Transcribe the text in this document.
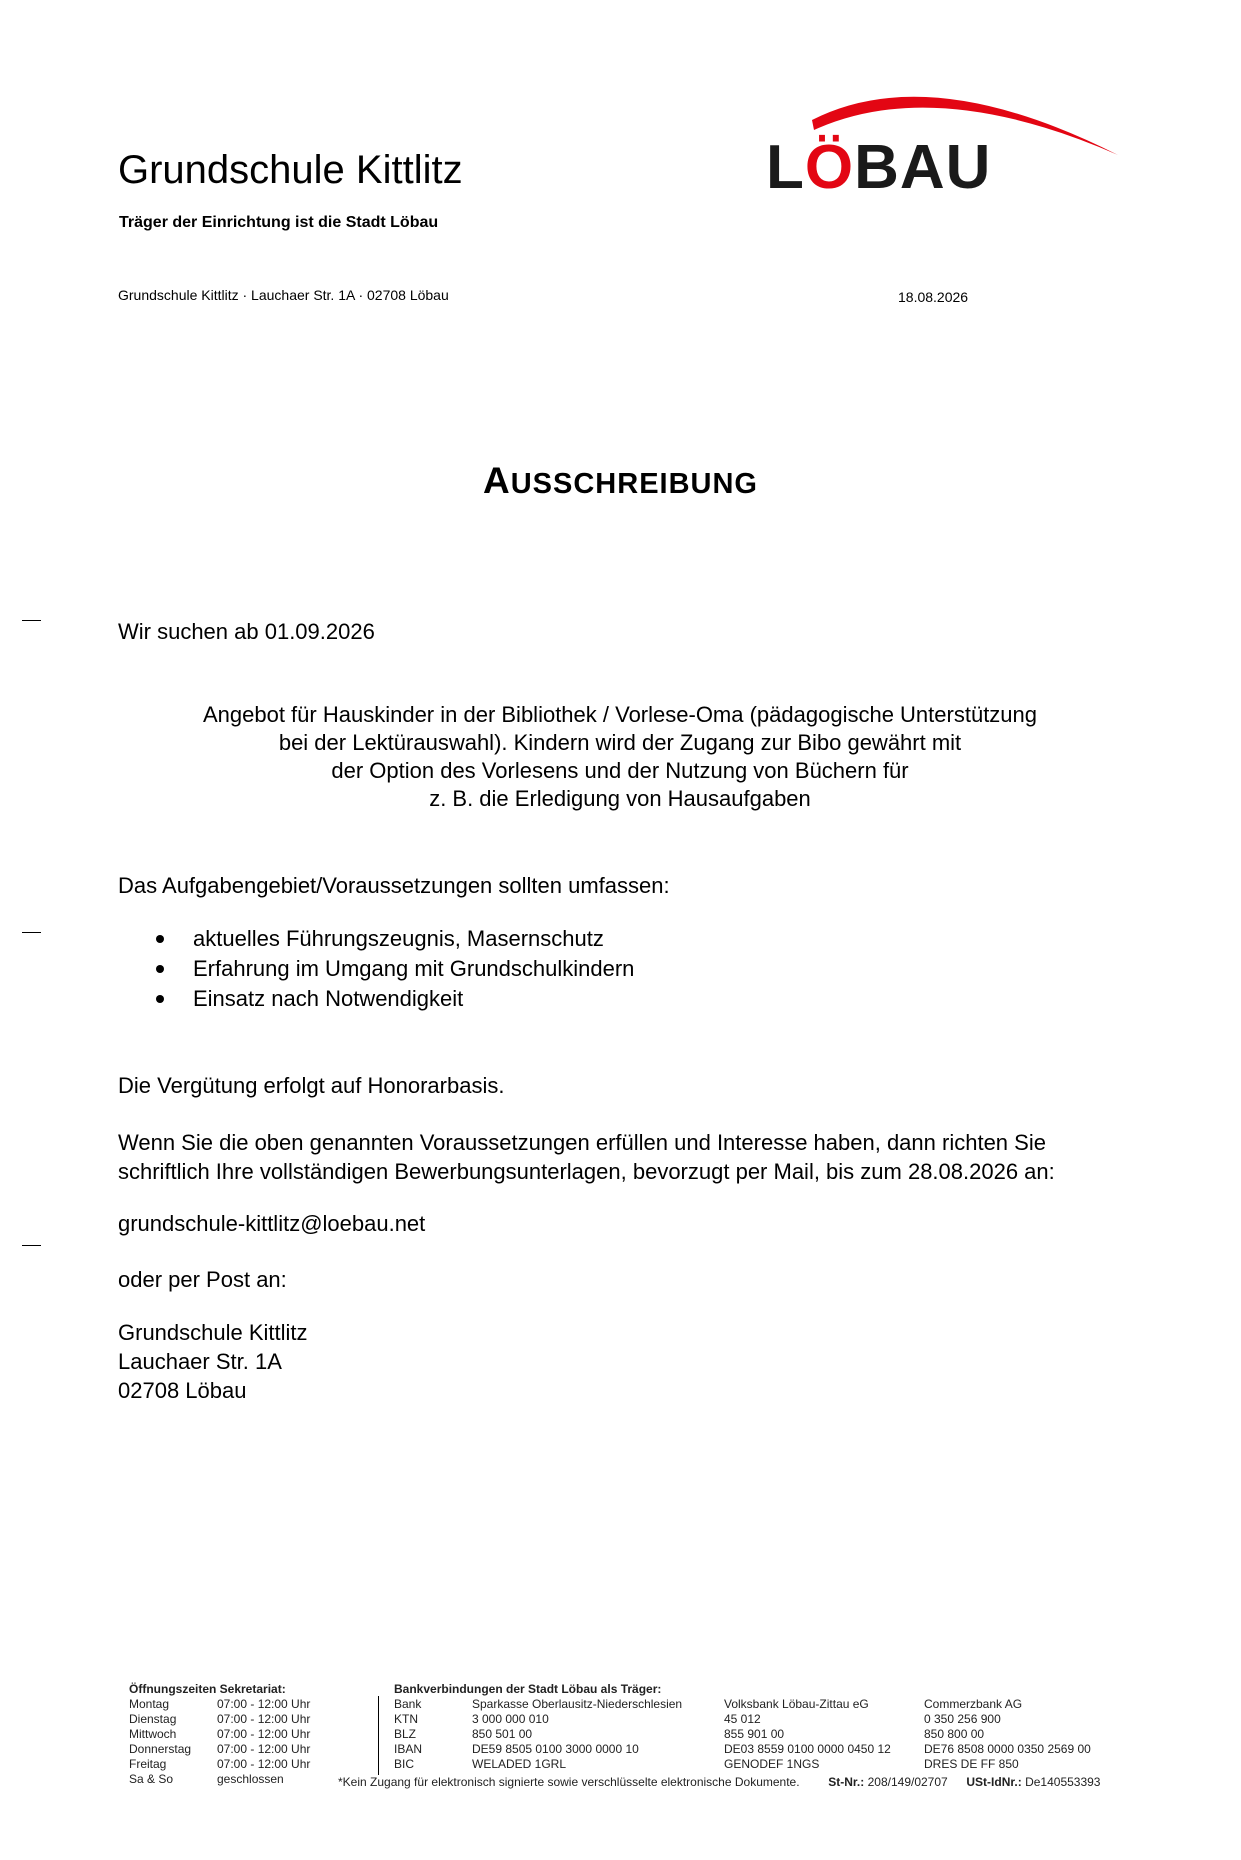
Grundschule Kittlitz
Träger der Einrichtung ist die Stadt Löbau
Grundschule Kittlitz · Lauchaer Str. 1A · 02708 Löbau	18.08.2026
LÖBAU
AUSSCHREIBUNG
Wir suchen ab 01.09.2026
Angebot für Hauskinder in der Bibliothek / Vorlese-Oma (pädagogische Unterstützung
bei der Lektürauswahl). Kindern wird der Zugang zur Bibo gewährt mit
der Option des Vorlesens und der Nutzung von Büchern für
z. B. die Erledigung von Hausaufgaben
Das Aufgabengebiet/Voraussetzungen sollten umfassen:
aktuelles Führungszeugnis, Masernschutz
Erfahrung im Umgang mit Grundschulkindern
Einsatz nach Notwendigkeit
Die Vergütung erfolgt auf Honorarbasis.
Wenn Sie die oben genannten Voraussetzungen erfüllen und Interesse haben, dann richten Sie
schriftlich Ihre vollständigen Bewerbungsunterlagen, bevorzugt per Mail, bis zum 28.08.2026 an:
grundschule-kittlitz@loebau.net
oder per Post an:
Grundschule Kittlitz
Lauchaer Str. 1A
02708 Löbau
Öffnungszeiten Sekretariat:
Montag
Dienstag
Mittwoch
Donnerstag
Freitag
Sa & So
07:00 - 12:00 Uhr
07:00 - 12:00 Uhr
07:00 - 12:00 Uhr
07:00 - 12:00 Uhr
07:00 - 12:00 Uhr
geschlossen
Bankverbindungen der Stadt Löbau als Träger:
Bank
KTN
BLZ
IBAN
BIC
Sparkasse Oberlausitz-Niederschlesien
3 000 000 010
850 501 00
DE59 8505 0100 3000 0000 10
WELADED 1GRL
Volksbank Löbau-Zittau eG
45 012
855 901 00
DE03 8559 0100 0000 0450 12
GENODEF 1NGS
Commerzbank AG
0 350 256 900
850 800 00
DE76 8508 0000 0350 2569 00
DRES DE FF 850
*Kein Zugang für elektronisch signierte sowie verschlüsselte elektronische Dokumente. St-Nr.: 208/149/02707 USt-IdNr.: De140553393
